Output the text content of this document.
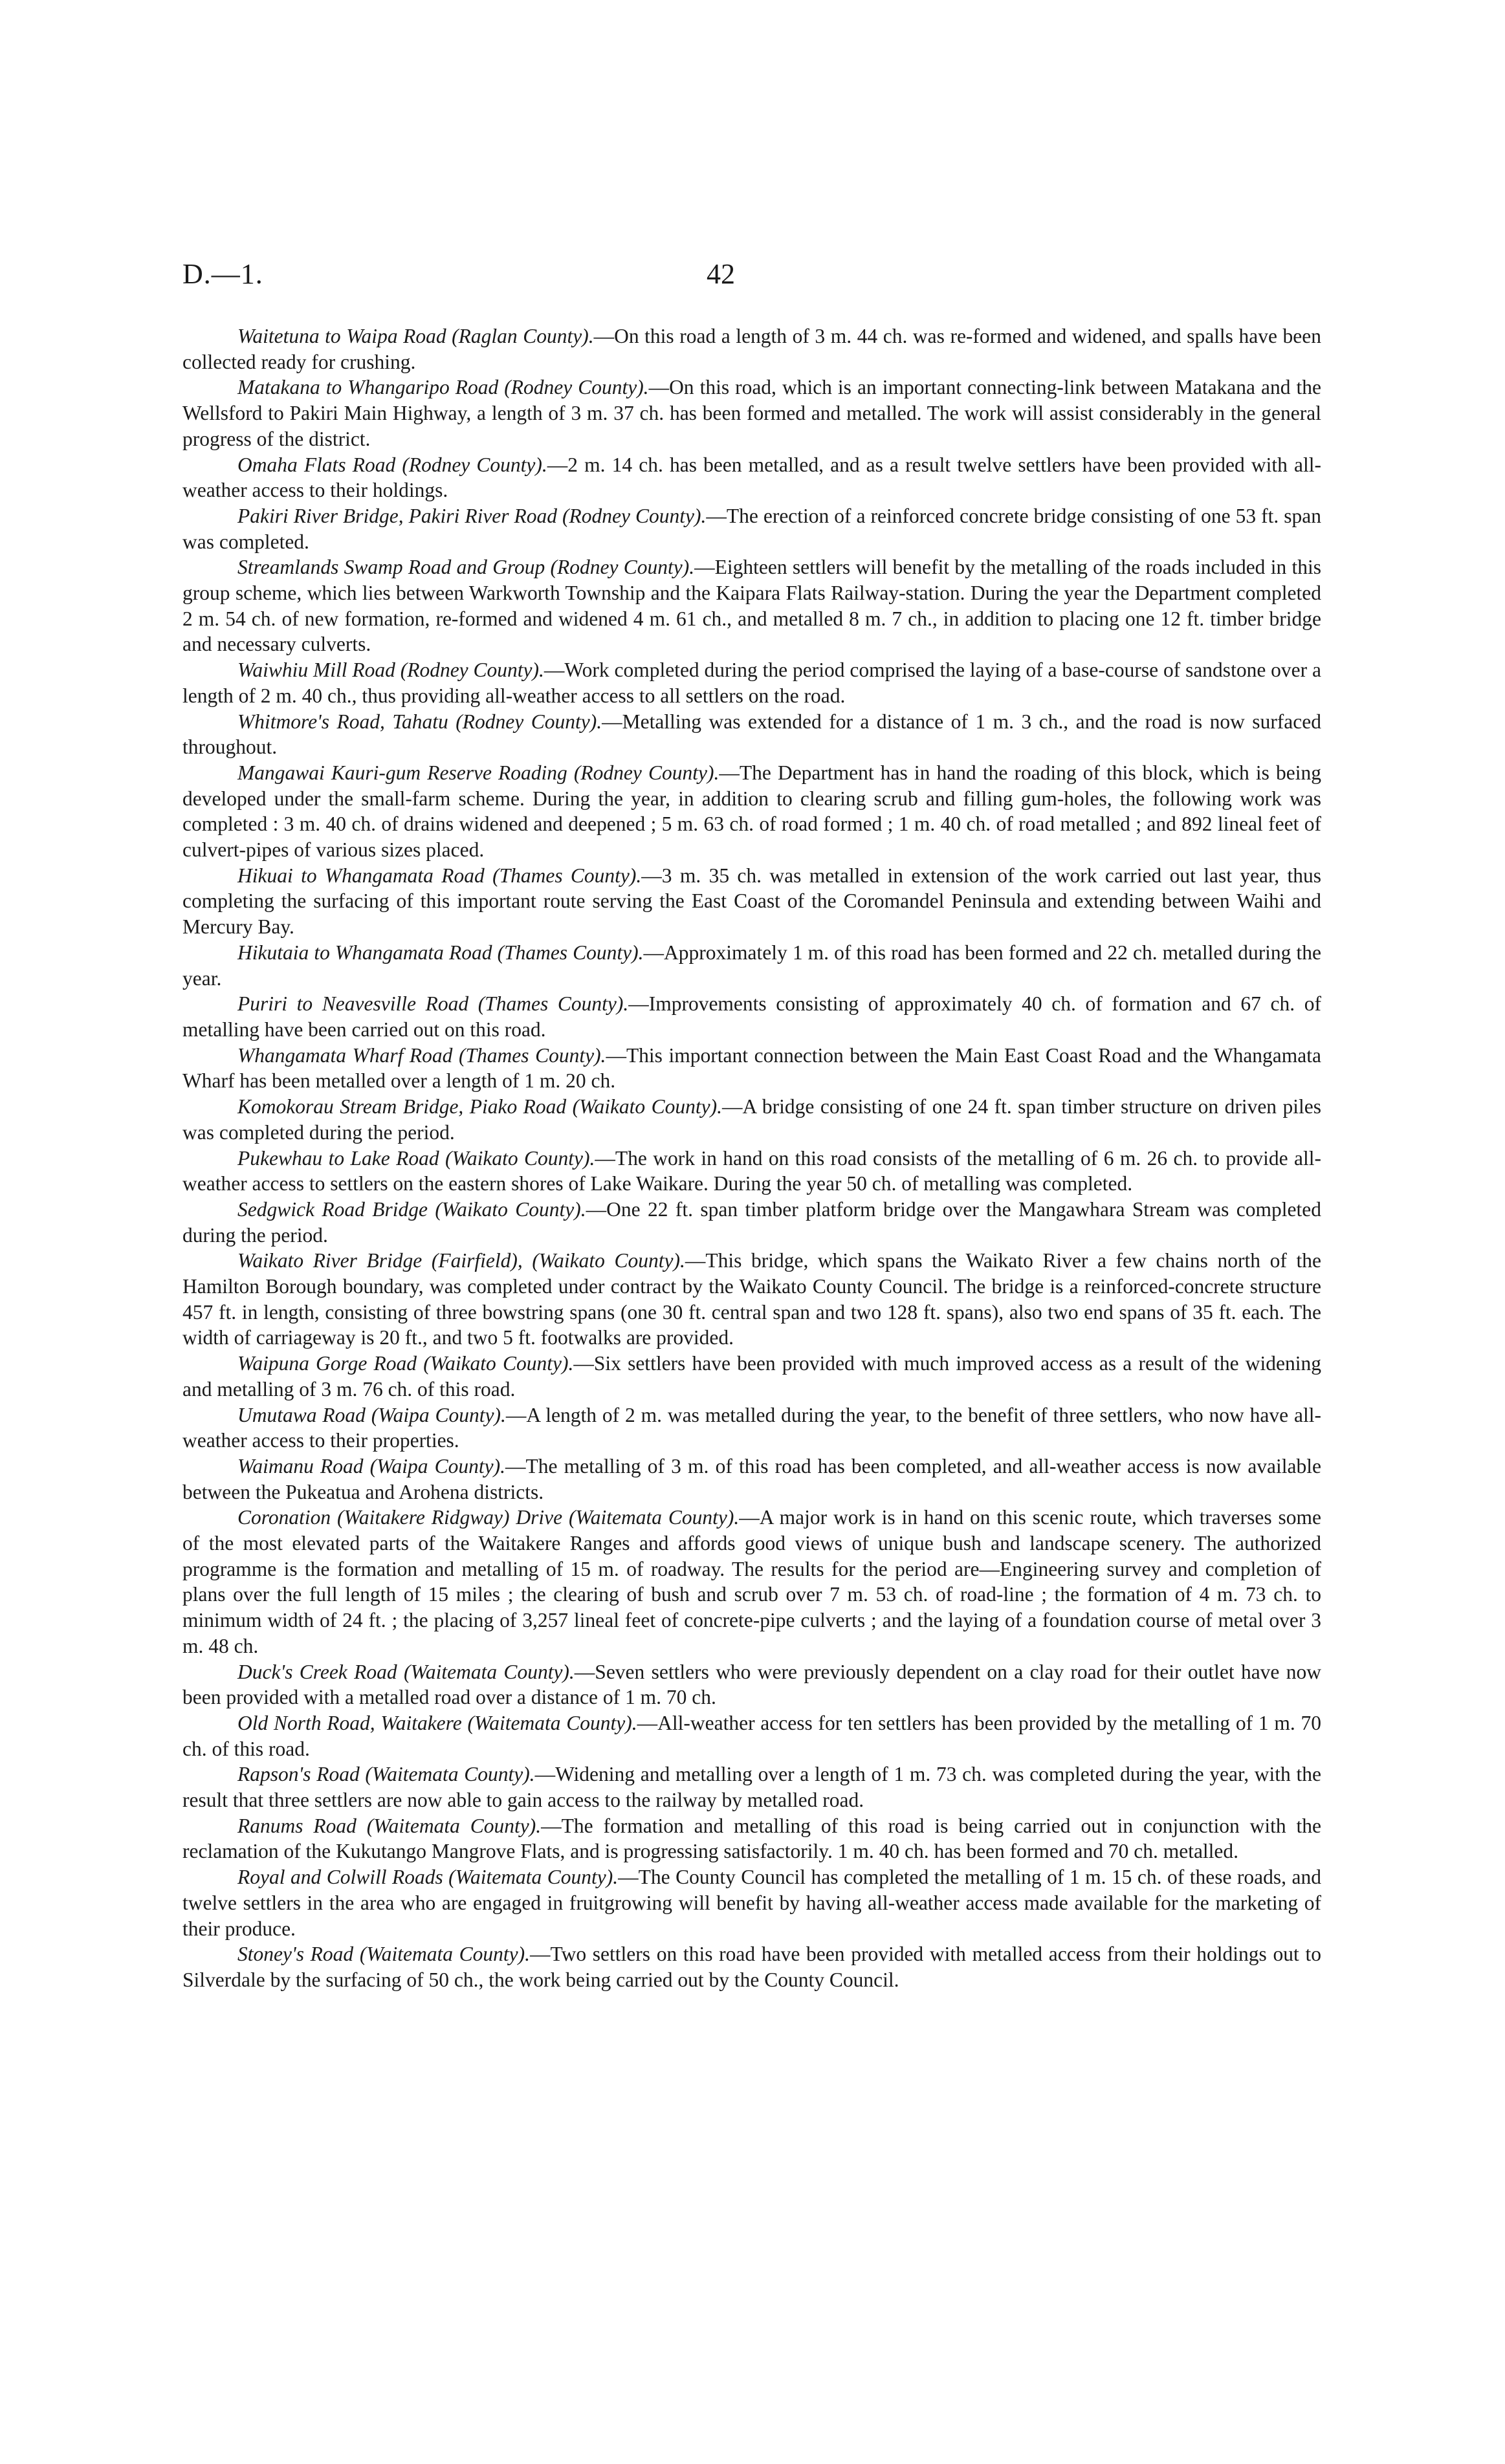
D.—1.	42

Waitetuna to Waipa Road (Raglan County).—On this road a length of 3 m. 44 ch. was re-formed and widened, and spalls have been collected ready for crushing.

Matakana to Whangaripo Road (Rodney County).—On this road, which is an important connecting-link between Matakana and the Wellsford to Pakiri Main Highway, a length of 3 m. 37 ch. has been formed and metalled. The work will assist considerably in the general progress of the district.

Omaha Flats Road (Rodney County).—2 m. 14 ch. has been metalled, and as a result twelve settlers have been provided with all-weather access to their holdings.

Pakiri River Bridge, Pakiri River Road (Rodney County).—The erection of a reinforced concrete bridge consisting of one 53 ft. span was completed.

Streamlands Swamp Road and Group (Rodney County).—Eighteen settlers will benefit by the metalling of the roads included in this group scheme, which lies between Warkworth Township and the Kaipara Flats Railway-station. During the year the Department completed 2 m. 54 ch. of new formation, re-formed and widened 4 m. 61 ch., and metalled 8 m. 7 ch., in addition to placing one 12 ft. timber bridge and necessary culverts.

Waiwhiu Mill Road (Rodney County).—Work completed during the period comprised the laying of a base-course of sandstone over a length of 2 m. 40 ch., thus providing all-weather access to all settlers on the road.

Whitmore's Road, Tahatu (Rodney County).—Metalling was extended for a distance of 1 m. 3 ch., and the road is now surfaced throughout.

Mangawai Kauri-gum Reserve Roading (Rodney County).—The Department has in hand the roading of this block, which is being developed under the small-farm scheme. During the year, in addition to clearing scrub and filling gum-holes, the following work was completed : 3 m. 40 ch. of drains widened and deepened ; 5 m. 63 ch. of road formed ; 1 m. 40 ch. of road metalled ; and 892 lineal feet of culvert-pipes of various sizes placed.

Hikuai to Whangamata Road (Thames County).—3 m. 35 ch. was metalled in extension of the work carried out last year, thus completing the surfacing of this important route serving the East Coast of the Coromandel Peninsula and extending between Waihi and Mercury Bay.

Hikutaia to Whangamata Road (Thames County).—Approximately 1 m. of this road has been formed and 22 ch. metalled during the year.

Puriri to Neavesville Road (Thames County).—Improvements consisting of approximately 40 ch. of formation and 67 ch. of metalling have been carried out on this road.

Whangamata Wharf Road (Thames County).—This important connection between the Main East Coast Road and the Whangamata Wharf has been metalled over a length of 1 m. 20 ch.

Komokorau Stream Bridge, Piako Road (Waikato County).—A bridge consisting of one 24 ft. span timber structure on driven piles was completed during the period.

Pukewhau to Lake Road (Waikato County).—The work in hand on this road consists of the metalling of 6 m. 26 ch. to provide all-weather access to settlers on the eastern shores of Lake Waikare. During the year 50 ch. of metalling was completed.

Sedgwick Road Bridge (Waikato County).—One 22 ft. span timber platform bridge over the Mangawhara Stream was completed during the period.

Waikato River Bridge (Fairfield), (Waikato County).—This bridge, which spans the Waikato River a few chains north of the Hamilton Borough boundary, was completed under contract by the Waikato County Council. The bridge is a reinforced-concrete structure 457 ft. in length, consisting of three bowstring spans (one 30 ft. central span and two 128 ft. spans), also two end spans of 35 ft. each. The width of carriageway is 20 ft., and two 5 ft. footwalks are provided.

Waipuna Gorge Road (Waikato County).—Six settlers have been provided with much improved access as a result of the widening and metalling of 3 m. 76 ch. of this road.

Umutawa Road (Waipa County).—A length of 2 m. was metalled during the year, to the benefit of three settlers, who now have all-weather access to their properties.

Waimanu Road (Waipa County).—The metalling of 3 m. of this road has been completed, and all-weather access is now available between the Pukeatua and Arohena districts.

Coronation (Waitakere Ridgway) Drive (Waitemata County).—A major work is in hand on this scenic route, which traverses some of the most elevated parts of the Waitakere Ranges and affords good views of unique bush and landscape scenery. The authorized programme is the formation and metalling of 15 m. of roadway. The results for the period are—Engineering survey and completion of plans over the full length of 15 miles ; the clearing of bush and scrub over 7 m. 53 ch. of road-line ; the formation of 4 m. 73 ch. to minimum width of 24 ft. ; the placing of 3,257 lineal feet of concrete-pipe culverts ; and the laying of a foundation course of metal over 3 m. 48 ch.

Duck's Creek Road (Waitemata County).—Seven settlers who were previously dependent on a clay road for their outlet have now been provided with a metalled road over a distance of 1 m. 70 ch.

Old North Road, Waitakere (Waitemata County).—All-weather access for ten settlers has been provided by the metalling of 1 m. 70 ch. of this road.

Rapson's Road (Waitemata County).—Widening and metalling over a length of 1 m. 73 ch. was completed during the year, with the result that three settlers are now able to gain access to the railway by metalled road.

Ranums Road (Waitemata County).—The formation and metalling of this road is being carried out in conjunction with the reclamation of the Kukutango Mangrove Flats, and is progressing satisfactorily. 1 m. 40 ch. has been formed and 70 ch. metalled.

Royal and Colwill Roads (Waitemata County).—The County Council has completed the metalling of 1 m. 15 ch. of these roads, and twelve settlers in the area who are engaged in fruitgrowing will benefit by having all-weather access made available for the marketing of their produce.

Stoney's Road (Waitemata County).—Two settlers on this road have been provided with metalled access from their holdings out to Silverdale by the surfacing of 50 ch., the work being carried out by the County Council.
